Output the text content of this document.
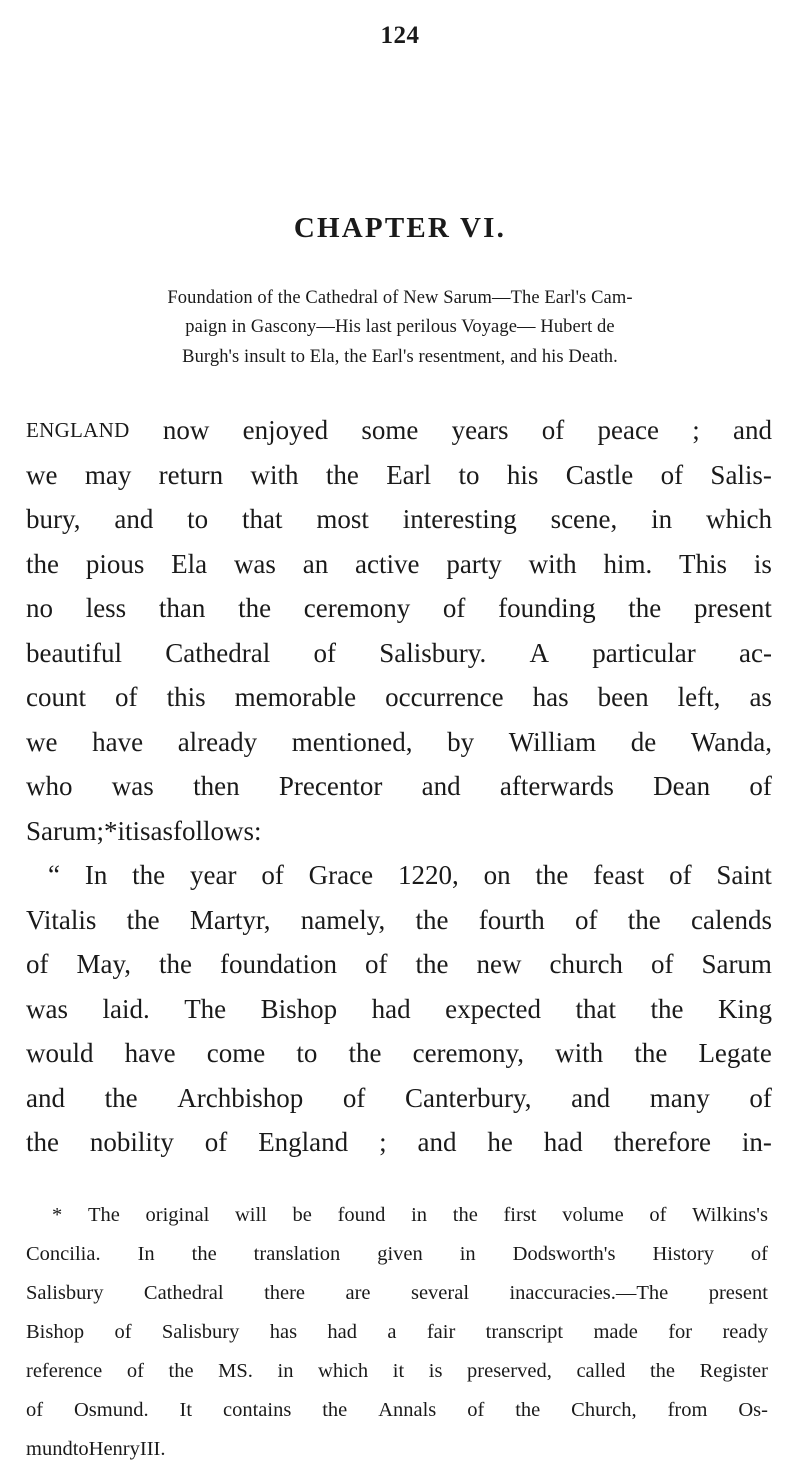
124
CHAPTER VI.
Foundation of the Cathedral of New Sarum—The Earl's Cam-
paign in Gascony—His last perilous Voyage— Hubert de
Burgh's insult to Ela, the Earl's resentment, and his Death.

ENGLAND now enjoyed some years of peace ; and
we may return with the Earl to his Castle of Salis-
bury, and to that most interesting scene, in which
the pious Ela was an active party with him. This is
no less than the ceremony of founding the present
beautiful Cathedral of Salisbury. A particular ac-
count of this memorable occurrence has been left, as
we have already mentioned, by William de Wanda,
who was then Precentor and afterwards Dean of
Sarum ; * it is as follows :

“ In the year of Grace 1220, on the feast of Saint
Vitalis the Martyr, namely, the fourth of the calends
of May, the foundation of the new church of Sarum
was laid. The Bishop had expected that the King
would have come to the ceremony, with the Legate
and the Archbishop of Canterbury, and many of
the nobility of England ; and he had therefore in-

* The original will be found in the first volume of Wilkins's
Concilia. In the translation given in Dodsworth's History of
Salisbury Cathedral there are several inaccuracies.—The present
Bishop of Salisbury has had a fair transcript made for ready
reference of the MS. in which it is preserved, called the Register
of Osmund. It contains the Annals of the Church, from Os-
mund to Henry III.
